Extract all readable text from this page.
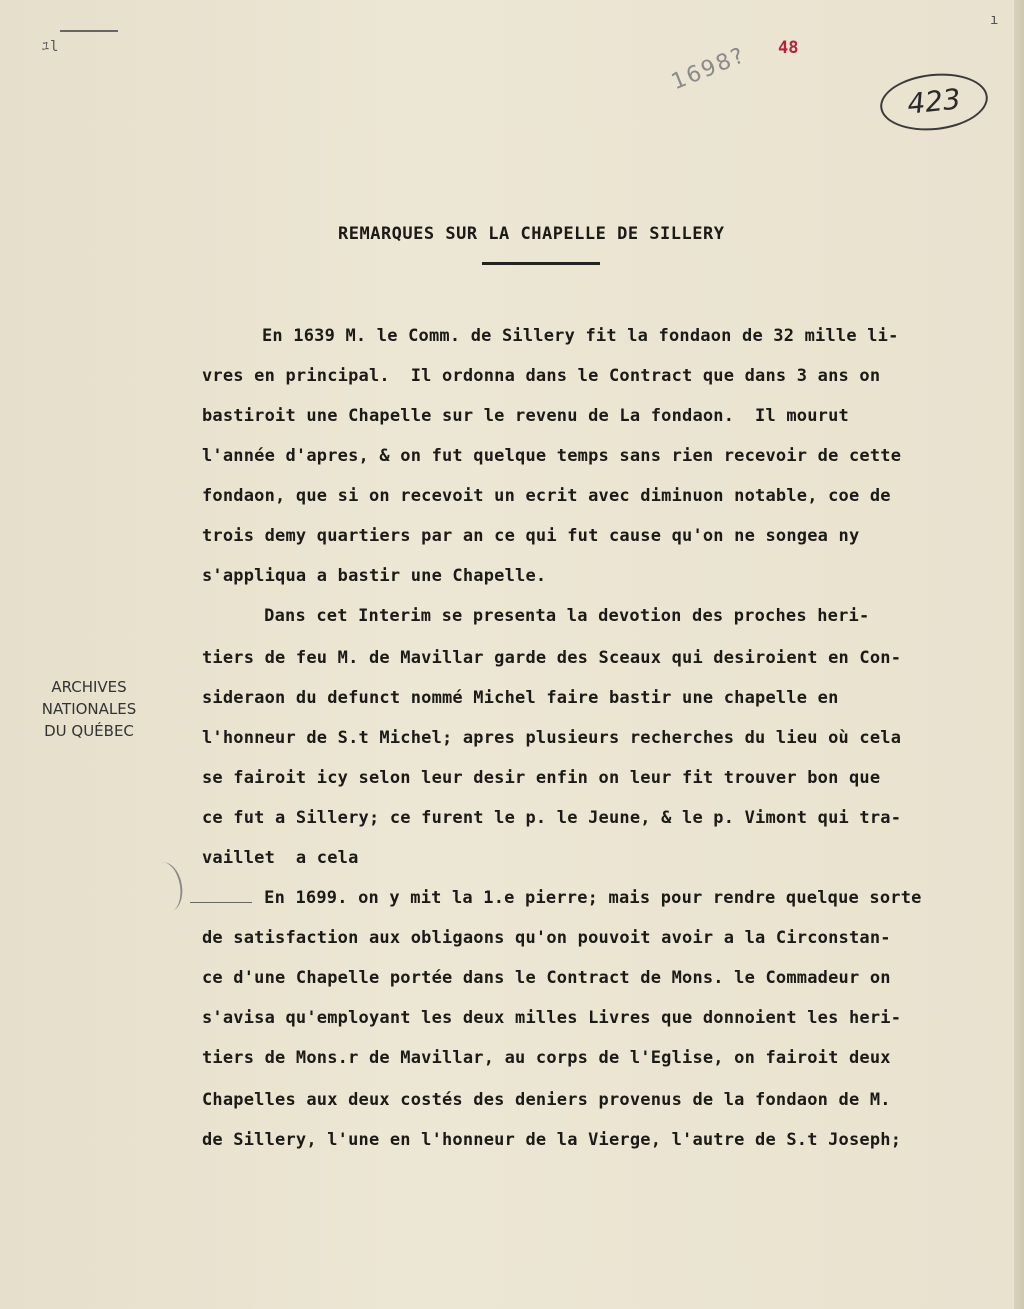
ﾕl
ı
48
1698?
423
REMARQUES SUR LA CHAPELLE DE SILLERY
ARCHIVES NATIONALES
DU QUÉBEC
En 1639 M. le Comm. de Sillery fit la fondaon de 32 mille li-
vres en principal.  Il ordonna dans le Contract que dans 3 ans on
bastiroit une Chapelle sur le revenu de La fondaon.  Il mourut
l'année d'apres, & on fut quelque temps sans rien recevoir de cette
fondaon, que si on recevoit un ecrit avec diminuon notable, coe de
trois demy quartiers par an ce qui fut cause qu'on ne songea ny
s'appliqua a bastir une Chapelle.
Dans cet Interim se presenta la devotion des proches heri-
tiers de feu M. de Mavillar garde des Sceaux qui desiroient en Con-
sideraon du defunct nommé Michel faire bastir une chapelle en
l'honneur de S.t Michel; apres plusieurs recherches du lieu où cela
se fairoit icy selon leur desir enfin on leur fit trouver bon que
ce fut a Sillery; ce furent le p. le Jeune, & le p. Vimont qui tra-
vaillet  a cela
En 1699. on y mit la 1.e pierre; mais pour rendre quelque sorte
de satisfaction aux obligaons qu'on pouvoit avoir a la Circonstan-
ce d'une Chapelle portée dans le Contract de Mons. le Commadeur on
s'avisa qu'employant les deux milles Livres que donnoient les heri-
tiers de Mons.r de Mavillar, au corps de l'Eglise, on fairoit deux
Chapelles aux deux costés des deniers provenus de la fondaon de M.
de Sillery, l'une en l'honneur de la Vierge, l'autre de S.t Joseph;
